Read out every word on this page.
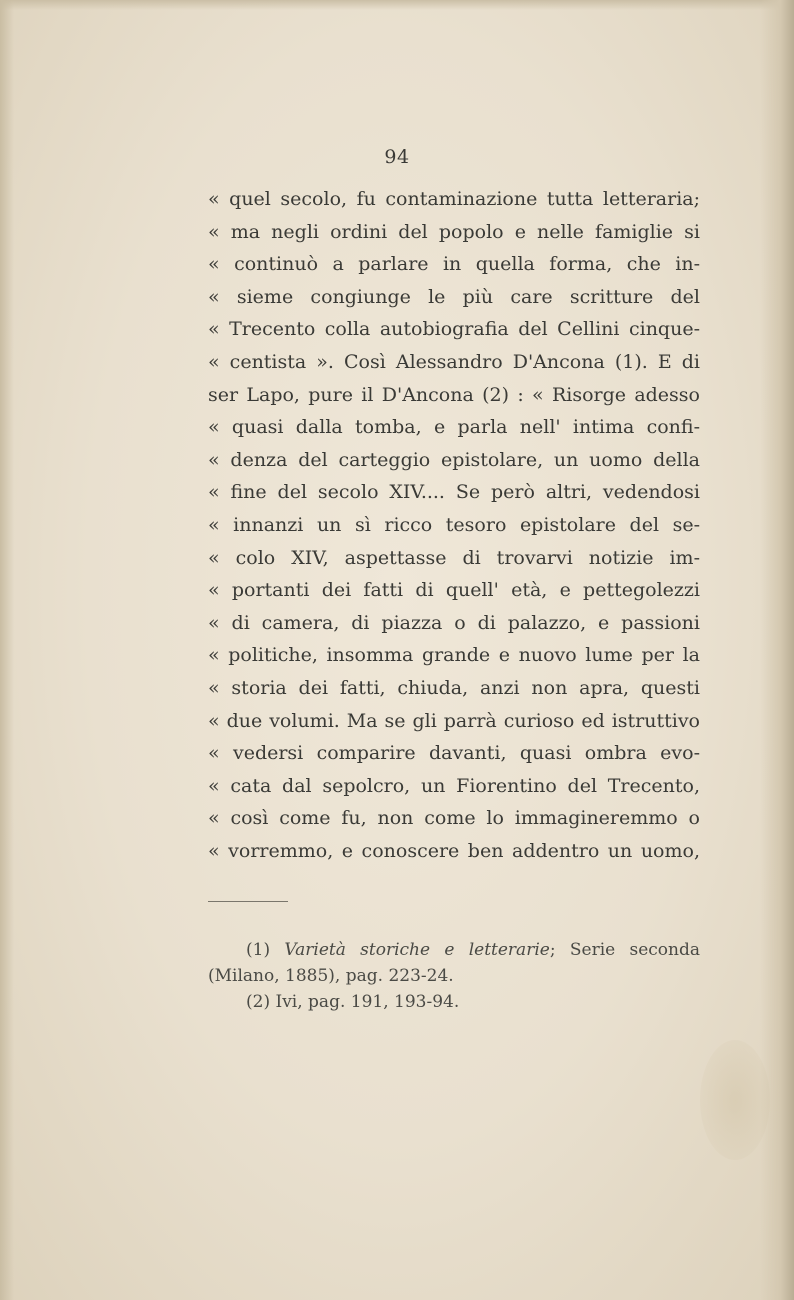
94
« quel secolo, fu contaminazione tutta letteraria;
« ma negli ordini del popolo e nelle famiglie si
« continuò a parlare in quella forma, che in-
« sieme congiunge le più care scritture del
« Trecento colla autobiografia del Cellini cinque-
« centista ». Così Alessandro D'Ancona (1). E di
ser Lapo, pure il D'Ancona (2) : « Risorge adesso
« quasi dalla tomba, e parla nell' intima confi-
« denza del carteggio epistolare, un uomo della
« fine del secolo XIV.... Se però altri, vedendosi
« innanzi un sì ricco tesoro epistolare del se-
« colo XIV, aspettasse di trovarvi notizie im-
« portanti dei fatti di quell' età, e pettegolezzi
« di camera, di piazza o di palazzo, e passioni
« politiche, insomma grande e nuovo lume per la
« storia dei fatti, chiuda, anzi non apra, questi
« due volumi. Ma se gli parrà curioso ed istruttivo
« vedersi comparire davanti, quasi ombra evo-
« cata dal sepolcro, un Fiorentino del Trecento,
« così come fu, non come lo immagineremmo o
« vorremmo, e conoscere ben addentro un uomo,
(1) Varietà storiche e letterarie; Serie seconda
(Milano, 1885), pag. 223-24.
(2) Ivi, pag. 191, 193-94.
